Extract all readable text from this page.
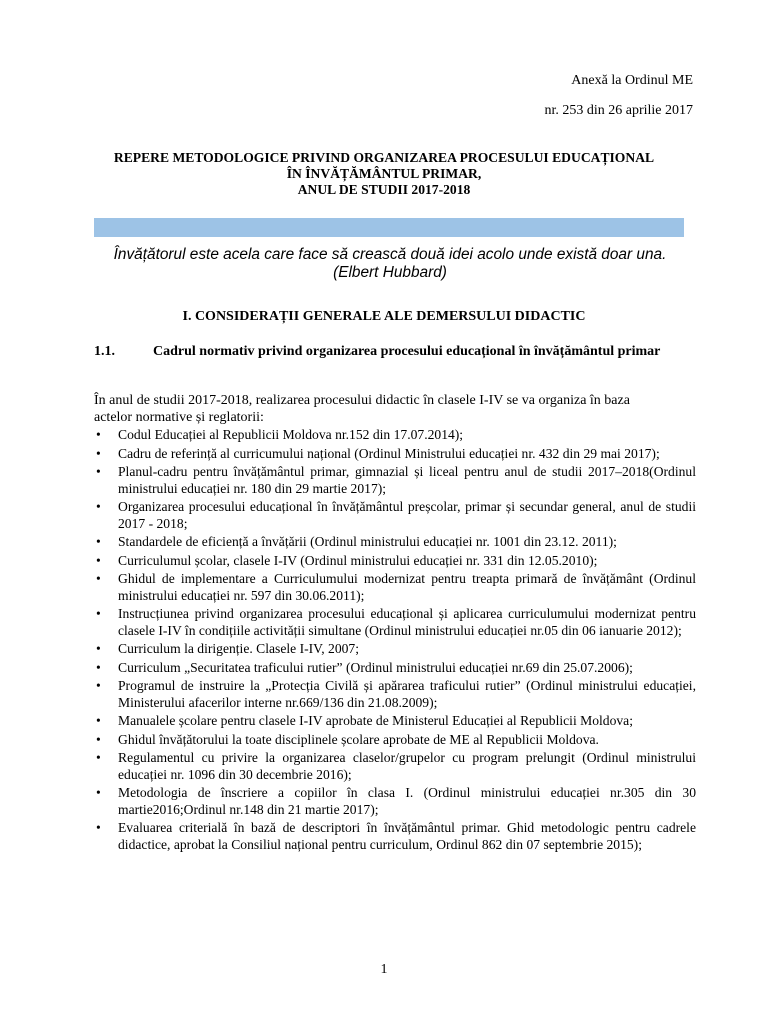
Anexă la Ordinul ME
nr. 253 din 26 aprilie 2017
REPERE METODOLOGICE PRIVIND ORGANIZAREA PROCESULUI EDUCAȚIONAL
ÎN ÎNVĂȚĂMÂNTUL PRIMAR,
ANUL DE STUDII 2017-2018
Învățătorul este acela care face să crească două idei acolo unde există doar una. (Elbert Hubbard)
I. CONSIDERAȚII GENERALE ALE DEMERSULUI DIDACTIC
1.1.	Cadrul normativ privind organizarea procesului educațional în învățământul primar
În anul de studii 2017-2018, realizarea procesului didactic în clasele I-IV se va organiza în baza
actelor normative și reglatorii:
• Codul Educației al Republicii Moldova nr.152 din 17.07.2014);
• Cadru de referință al curricumului național (Ordinul Ministrului educației nr. 432 din 29 mai 2017);
• Planul-cadru pentru învățământul primar, gimnazial și liceal pentru anul de studii 2017–2018(Ordinul ministrului educației nr. 180 din 29 martie 2017);
• Organizarea procesului educațional în învățământul preșcolar, primar și secundar general, anul de studii 2017 - 2018;
• Standardele de eficiență a învățării (Ordinul ministrului educației nr. 1001 din 23.12. 2011);
• Curriculumul școlar, clasele I-IV (Ordinul ministrului educației nr. 331 din 12.05.2010);
• Ghidul de implementare a Curriculumului modernizat pentru treapta primară de învățământ (Ordinul ministrului educației nr. 597 din 30.06.2011);
• Instrucțiunea privind organizarea procesului educațional și aplicarea curriculumului modernizat pentru clasele I-IV în condițiile activității simultane (Ordinul ministrului educației nr.05 din 06 ianuarie 2012);
• Curriculum la dirigenție. Clasele I-IV, 2007;
• Curriculum „Securitatea traficului rutier” (Ordinul ministrului educației nr.69 din 25.07.2006);
• Programul de instruire la „Protecția Civilă și apărarea traficului rutier” (Ordinul ministrului educației, Ministerului afacerilor interne nr.669/136 din 21.08.2009);
• Manualele școlare pentru clasele I-IV aprobate de Ministerul Educației al Republicii Moldova;
• Ghidul învățătorului la toate disciplinele școlare aprobate de ME al Republicii Moldova.
• Regulamentul cu privire la organizarea claselor/grupelor cu program prelungit (Ordinul ministrului educației nr. 1096 din 30 decembrie 2016);
• Metodologia de înscriere a copiilor în clasa I. (Ordinul ministrului educației nr.305 din 30 martie2016;Ordinul nr.148 din 21 martie 2017);
• Evaluarea criterială în bază de descriptori în învățământul primar. Ghid metodologic pentru cadrele didactice, aprobat la Consiliul național pentru curriculum, Ordinul 862 din 07 septembrie 2015);
1
